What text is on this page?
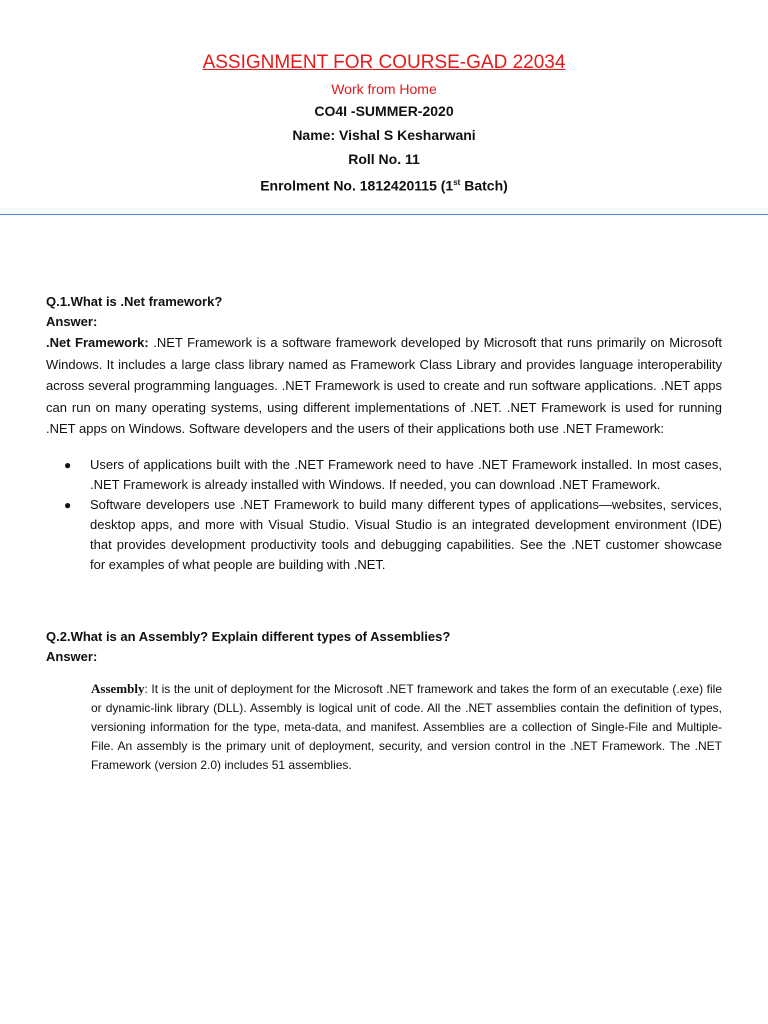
ASSIGNMENT FOR COURSE-GAD 22034
Work from Home
CO4I -SUMMER-2020
Name: Vishal S Kesharwani
Roll No. 11
Enrolment No. 1812420115 (1st Batch)

Q.1.What is .Net framework?

Answer:

.Net Framework: .NET Framework is a software framework developed by Microsoft that runs primarily on Microsoft Windows. It includes a large class library named as Framework Class Library and provides language interoperability across several programming languages. .NET Framework is used to create and run software applications. .NET apps can run on many operating systems, using different implementations of .NET. .NET Framework is used for running .NET apps on Windows. Software developers and the users of their applications both use .NET Framework:

● Users of applications built with the .NET Framework need to have .NET Framework installed. In most cases, .NET Framework is already installed with Windows. If needed, you can download .NET Framework.
● Software developers use .NET Framework to build many different types of applications—websites, services, desktop apps, and more with Visual Studio. Visual Studio is an integrated development environment (IDE) that provides development productivity tools and debugging capabilities. See the .NET customer showcase for examples of what people are building with .NET.

Q.2.What is an Assembly? Explain different types of Assemblies?

Answer:

Assembly: It is the unit of deployment for the Microsoft .NET framework and takes the form of an executable (.exe) file or dynamic-link library (DLL). Assembly is logical unit of code. All the .NET assemblies contain the definition of types, versioning information for the type, meta-data, and manifest. Assemblies are a collection of Single-File and Multiple-File. An assembly is the primary unit of deployment, security, and version control in the .NET Framework. The .NET Framework (version 2.0) includes 51 assemblies.
